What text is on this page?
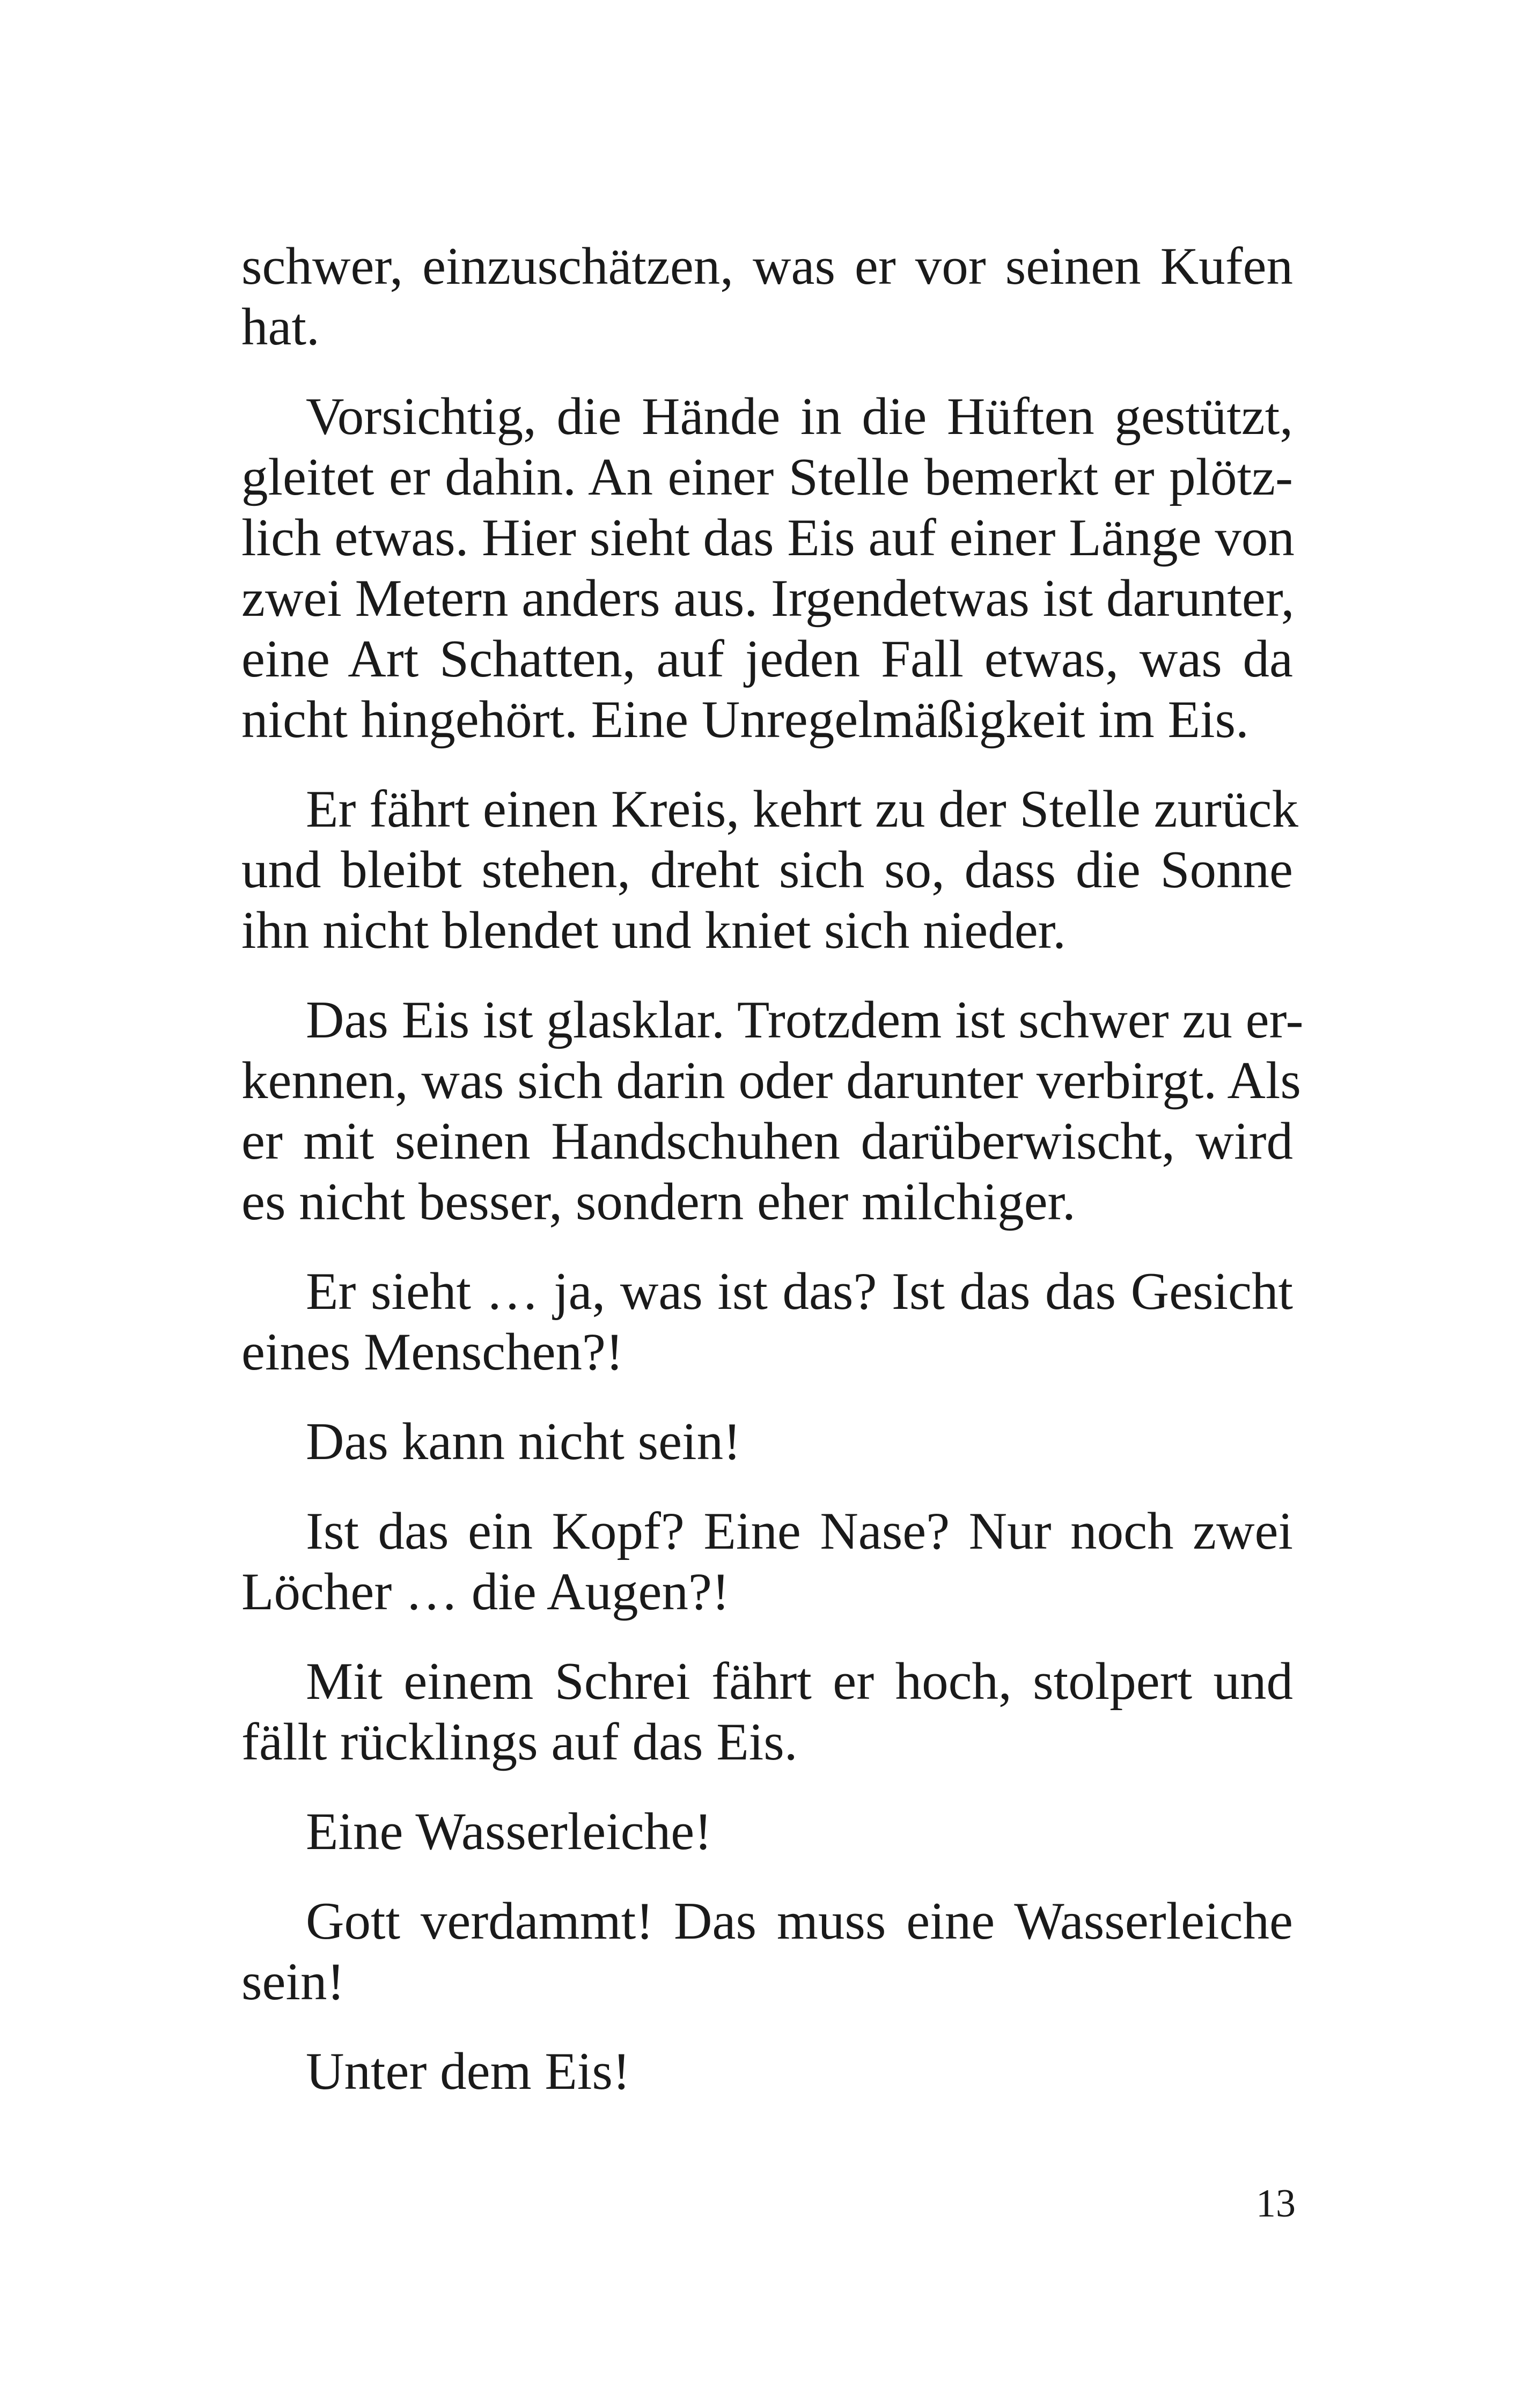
schwer, einzuschätzen, was er vor seinen Kufen
hat.
Vorsichtig, die Hände in die Hüften gestützt,
gleitet er dahin. An einer Stelle bemerkt er plötz-
lich etwas. Hier sieht das Eis auf einer Länge von
zwei Metern anders aus. Irgendetwas ist darunter,
eine Art Schatten, auf jeden Fall etwas, was da
nicht hingehört. Eine Unregelmäßigkeit im Eis.
Er fährt einen Kreis, kehrt zu der Stelle zurück
und bleibt stehen, dreht sich so, dass die Sonne
ihn nicht blendet und kniet sich nieder.
Das Eis ist glasklar. Trotzdem ist schwer zu er-
kennen, was sich darin oder darunter verbirgt. Als
er mit seinen Handschuhen darüberwischt, wird
es nicht besser, sondern eher milchiger.
Er sieht … ja, was ist das? Ist das das Gesicht
eines Menschen?!
Das kann nicht sein!
Ist das ein Kopf? Eine Nase? Nur noch zwei
Löcher … die Augen?!
Mit einem Schrei fährt er hoch, stolpert und
fällt rücklings auf das Eis.
Eine Wasserleiche!
Gott verdammt! Das muss eine Wasserleiche
sein!
Unter dem Eis!
13
